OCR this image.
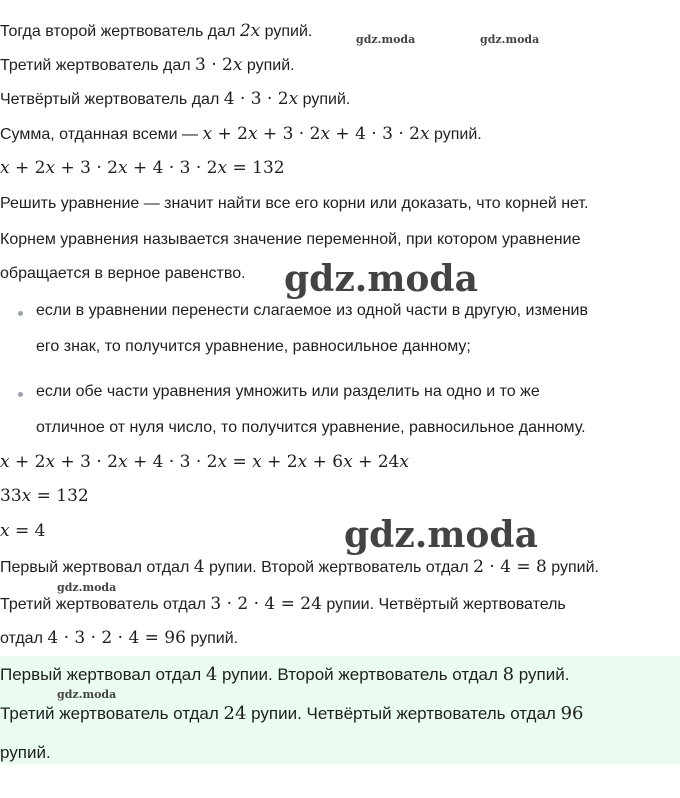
Тогда второй жертвователь дал 2x рупий.
Третий жертвователь дал 3 · 2x рупий.
Четвёртый жертвователь дал 4 · 3 · 2x рупий.
Сумма, отданная всеми — x + 2x + 3 · 2x + 4 · 3 · 2x рупий.
x + 2x + 3 · 2x + 4 · 3 · 2x = 132
Решить уравнение — значит найти все его корни или доказать, что корней нет.
Корнем уравнения называется значение переменной, при котором уравнение
обращается в верное равенство.
если в уравнении перенести слагаемое из одной части в другую, изменив
его знак, то получится уравнение, равносильное данному;
если обе части уравнения умножить или разделить на одно и то же
отличное от нуля число, то получится уравнение, равносильное данному.
x + 2x + 3 · 2x + 4 · 3 · 2x = x + 2x + 6x + 24x
33x = 132
x = 4
Первый жертвовал отдал 4 рупии. Второй жертвователь отдал 2 · 4 = 8 рупий.
Третий жертвователь отдал 3 · 2 · 4 = 24 рупии. Четвёртый жертвователь
отдал 4 · 3 · 2 · 4 = 96 рупий.
Первый жертвовал отдал 4 рупии. Второй жертвователь отдал 8 рупий.
Третий жертвователь отдал 24 рупии. Четвёртый жертвователь отдал 96
рупий.
gdz.moda	gdz.moda
gdz.moda
gdz.moda
gdz.moda
gdz.moda
